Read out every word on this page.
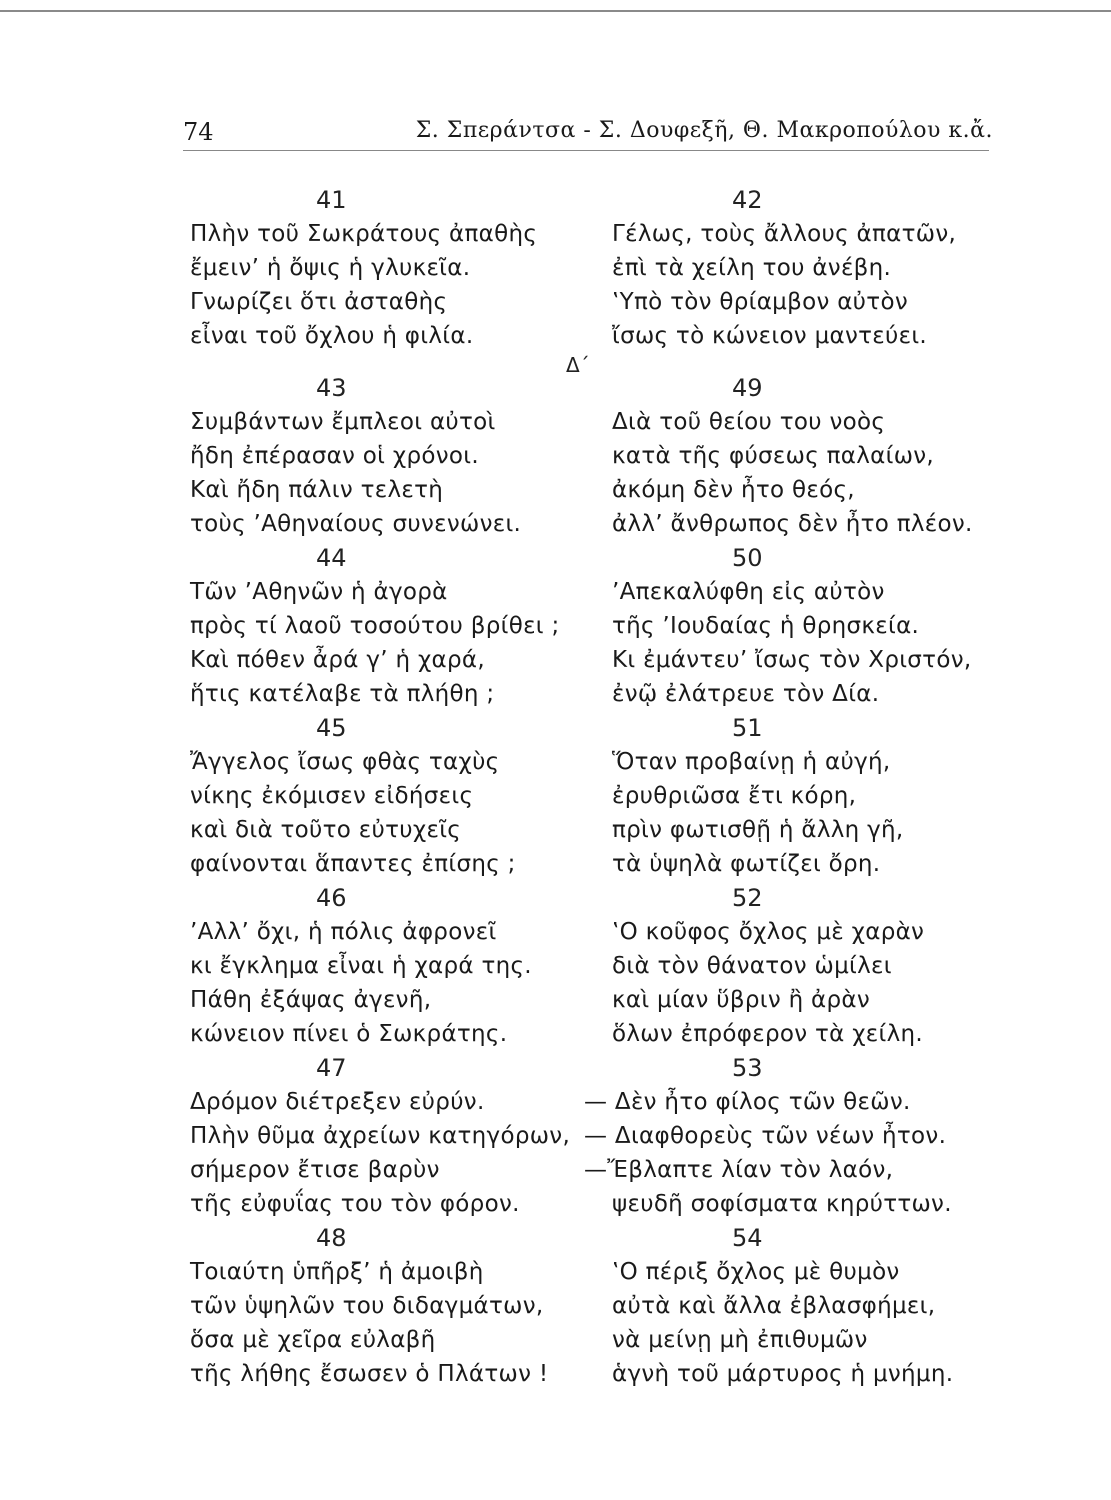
74	Σ. Σπεράντσα - Σ. Δουφεξῆ, Θ. Μακροπούλου κ.ἄ.
Δ΄
41
Πλὴν τοῦ Σωκράτους ἀπαθὴς
ἔμειν’ ἡ ὄψις ἡ γλυκεῖα.
Γνωρίζει ὅτι ἀσταθὴς
εἶναι τοῦ ὄχλου ἡ φιλία.
43
Συμβάντων ἔμπλεοι αὐτοὶ
ἤδη ἐπέρασαν οἱ χρόνοι.
Καὶ ἤδη πάλιν τελετὴ
τοὺς ’Αθηναίους συνενώνει.
44
Τῶν ’Αθηνῶν ἡ ἀγορὰ
πρὸς τί λαοῦ τοσούτου βρίθει ;
Καὶ πόθεν ἆρά γ’ ἡ χαρά,
ἥτις κατέλαβε τὰ πλήθη ;
45
Ἄγγελος ἴσως φθὰς ταχὺς
νίκης ἐκόμισεν εἰδήσεις
καὶ διὰ τοῦτο εὐτυχεῖς
φαίνονται ἅπαντες ἐπίσης ;
46
’Αλλ’ ὄχι, ἡ πόλις ἀφρονεῖ
κι ἔγκλημα εἶναι ἡ χαρά της.
Πάθη ἐξάψας ἀγενῆ,
κώνειον πίνει ὁ Σωκράτης.
47
Δρόμον διέτρεξεν εὐρύν.
Πλὴν θῦμα ἀχρείων κατηγόρων,
σήμερον ἔτισε βαρὺν
τῆς εὐφυΐας του τὸν φόρον.
48
Τοιαύτη ὑπῆρξ’ ἡ ἀμοιβὴ
τῶν ὑψηλῶν του διδαγμάτων,
ὅσα μὲ χεῖρα εὐλαβῆ
τῆς λήθης ἔσωσεν ὁ Πλάτων !
42
Γέλως, τοὺς ἄλλους ἀπατῶν,
ἐπὶ τὰ χείλη του ἀνέβη.
‛Υπὸ τὸν θρίαμβον αὐτὸν
ἴσως τὸ κώνειον μαντεύει.
49
Διὰ τοῦ θείου του νοὸς
κατὰ τῆς φύσεως παλαίων,
ἀκόμη δὲν ἦτο θεός,
ἀλλ’ ἄνθρωπος δὲν ἦτο πλέον.
50
’Απεκαλύφθη εἰς αὐτὸν
τῆς ’Ιουδαίας ἡ θρησκεία.
Κι ἐμάντευ’ ἴσως τὸν Χριστόν,
ἐνῷ ἐλάτρευε τὸν Δία.
51
Ὅταν προβαίνῃ ἡ αὐγή,
ἐρυθριῶσα ἔτι κόρη,
πρὶν φωτισθῇ ἡ ἄλλη γῆ,
τὰ ὑψηλὰ φωτίζει ὄρη.
52
‛Ο κοῦφος ὄχλος μὲ χαρὰν
διὰ τὸν θάνατον ὡμίλει
καὶ μίαν ὕβριν ἢ ἀρὰν
ὅλων ἐπρόφερον τὰ χείλη.
53
— Δὲν ἦτο φίλος τῶν θεῶν.
— Διαφθορεὺς τῶν νέων ἦτον.
—Ἔβλαπτε λίαν τὸν λαόν,
ψευδῆ σοφίσματα κηρύττων.
54
‛Ο πέριξ ὄχλος μὲ θυμὸν
αὐτὰ καὶ ἄλλα ἐβλασφήμει,
νὰ μείνῃ μὴ ἐπιθυμῶν
ἁγνὴ τοῦ μάρτυρος ἡ μνήμη.
